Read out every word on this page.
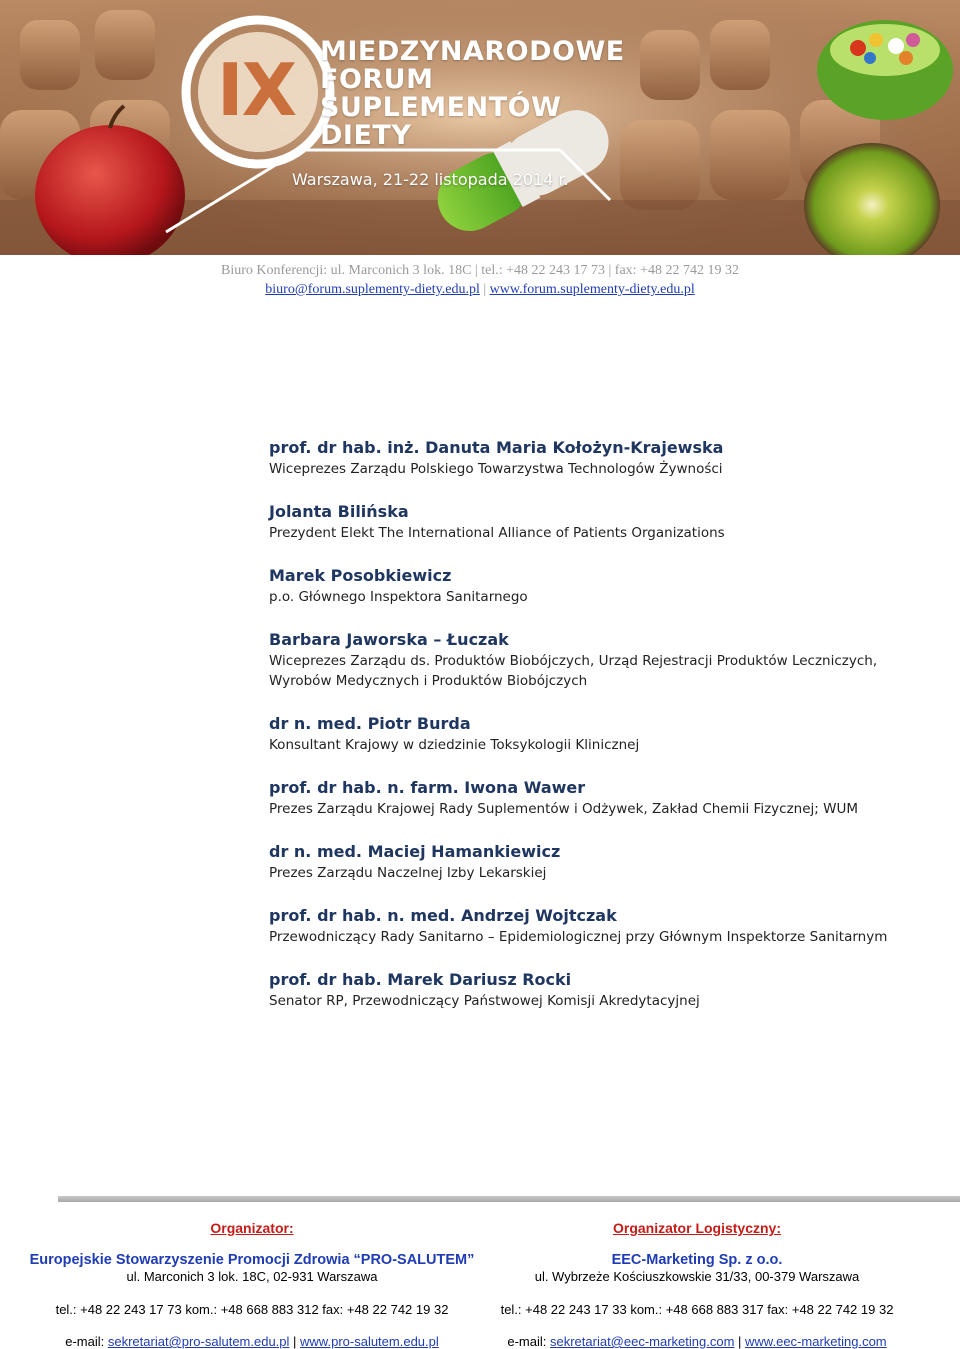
IX MIEDZYNARODOWE
FORUM
SUPLEMENTÓW
DIETY
Warszawa, 21-22 listopada 2014 r.
Biuro Konferencji: ul. Marconich 3 lok. 18C | tel.: +48 22 243 17 73 | fax: +48 22 742 19 32
biuro@forum.suplementy-diety.edu.pl | www.forum.suplementy-diety.edu.pl
prof. dr hab. inż. Danuta Maria Kołożyn-Krajewska
Wiceprezes Zarządu Polskiego Towarzystwa Technologów Żywności
Jolanta Bilińska
Prezydent Elekt The International Alliance of Patients Organizations
Marek Posobkiewicz
p.o. Głównego Inspektora Sanitarnego
Barbara Jaworska – Łuczak
Wiceprezes Zarządu ds. Produktów Biobójczych, Urząd Rejestracji Produktów Leczniczych,
Wyrobów Medycznych i Produktów Biobójczych
dr n. med. Piotr Burda
Konsultant Krajowy w dziedzinie Toksykologii Klinicznej
prof. dr hab. n. farm. Iwona Wawer
Prezes Zarządu Krajowej Rady Suplementów i Odżywek, Zakład Chemii Fizycznej; WUM
dr n. med. Maciej Hamankiewicz
Prezes Zarządu Naczelnej Izby Lekarskiej
prof. dr hab. n. med. Andrzej Wojtczak
Przewodniczący Rady Sanitarno – Epidemiologicznej przy Głównym Inspektorze Sanitarnym
prof. dr hab. Marek Dariusz Rocki
Senator RP, Przewodniczący Państwowej Komisji Akredytacyjnej
Organizator:
Europejskie Stowarzyszenie Promocji Zdrowia “PRO-SALUTEM”
ul. Marconich 3 lok. 18C, 02-931 Warszawa
tel.: +48 22 243 17 73 kom.: +48 668 883 312 fax: +48 22 742 19 32
e-mail: sekretariat@pro-salutem.edu.pl | www.pro-salutem.edu.pl
Organizator Logistyczny:
EEC-Marketing Sp. z o.o.
ul. Wybrzeże Kościuszkowskie 31/33, 00-379 Warszawa
tel.: +48 22 243 17 33 kom.: +48 668 883 317 fax: +48 22 742 19 32
e-mail: sekretariat@eec-marketing.com | www.eec-marketing.com
